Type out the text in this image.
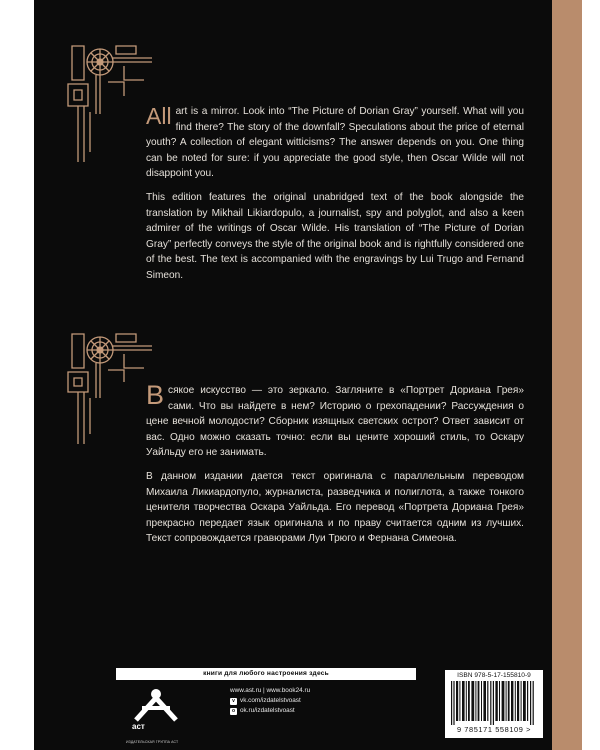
All art is a mirror. Look into “The Picture of Dorian Gray” yourself. What will you find there? The story of the downfall? Speculations about the price of eternal youth? A collection of elegant witticisms? The answer depends on you. One thing can be noted for sure: if you appreciate the good style, then Oscar Wilde will not disappoint you.

This edition features the original unabridged text of the book alongside the translation by Mikhail Likiardopulo, a journalist, spy and polyglot, and also a keen admirer of the writings of Oscar Wilde. His translation of “The Picture of Dorian Gray” perfectly conveys the style of the original book and is rightfully considered one of the best. The text is accompanied with the engravings by Lui Trugo and Fernand Simeon.

Всякое искусство — это зеркало. Загляните в «Портрет Дориана Грея» сами. Что вы найдете в нем? Историю о грехопадении? Рассуждения о цене вечной молодости? Сборник изящных светских острот? Ответ зависит от вас. Одно можно сказать точно: если вы цените хороший стиль, то Оскару Уайльду его не занимать.

В данном издании дается текст оригинала с параллельным переводом Михаила Ликиардопуло, журналиста, разведчика и полиглота, а также тонкого ценителя творчества Оскара Уайльда. Его перевод «Портрета Дориана Грея» прекрасно передает язык оригинала и по праву считается одним из лучших. Текст сопровождается гравюрами Луи Трюго и Фернана Симеона.

книги для любого настроения здесь
аст
ИЗДАТЕЛЬСКАЯ ГРУППА АСТ
www.ast.ru | www.book24.ru
v vk.com/izdatelstvoast
o ok.ru/izdatelstvoast
ISBN 978-5-17-155810-9
9 785171 558109 >
